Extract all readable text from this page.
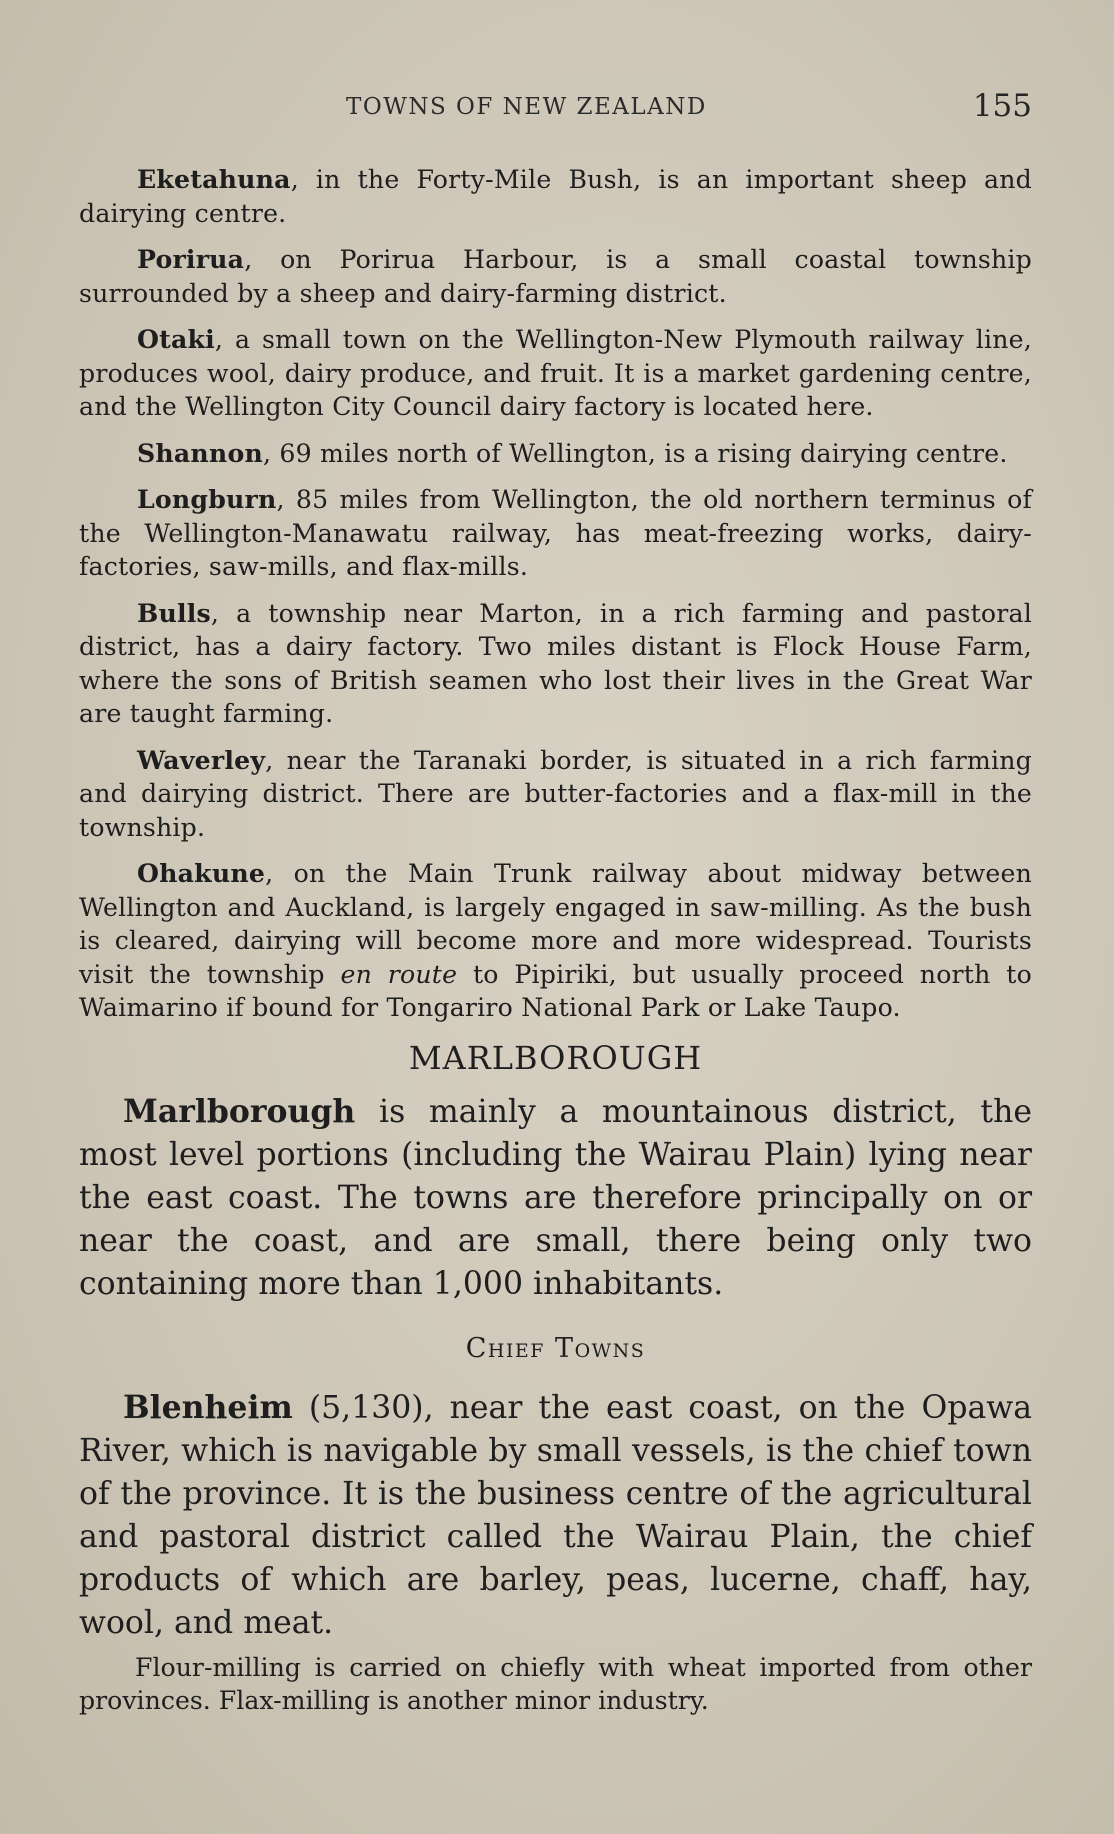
TOWNS OF NEW ZEALAND	155

Eketahuna, in the Forty-Mile Bush, is an important sheep and dairying centre.

Porirua, on Porirua Harbour, is a small coastal township surrounded by a sheep and dairy-farming district.

Otaki, a small town on the Wellington-New Plymouth railway line, produces wool, dairy produce, and fruit. It is a market gardening centre, and the Wellington City Council dairy factory is located here.

Shannon, 69 miles north of Wellington, is a rising dairying centre.

Longburn, 85 miles from Wellington, the old northern terminus of the Wellington-Manawatu railway, has meat-freezing works, dairy-factories, saw-mills, and flax-mills.

Bulls, a township near Marton, in a rich farming and pastoral district, has a dairy factory. Two miles distant is Flock House Farm, where the sons of British seamen who lost their lives in the Great War are taught farming.

Waverley, near the Taranaki border, is situated in a rich farming and dairying district. There are butter-factories and a flax-mill in the township.

Ohakune, on the Main Trunk railway about midway between Wellington and Auckland, is largely engaged in saw-milling. As the bush is cleared, dairying will become more and more widespread. Tourists visit the township en route to Pipiriki, but usually proceed north to Waimarino if bound for Tongariro National Park or Lake Taupo.

MARLBOROUGH

Marlborough is mainly a mountainous district, the most level portions (including the Wairau Plain) lying near the east coast. The towns are therefore principally on or near the coast, and are small, there being only two containing more than 1,000 inhabitants.

Chief Towns

Blenheim (5,130), near the east coast, on the Opawa River, which is navigable by small vessels, is the chief town of the province. It is the business centre of the agricultural and pastoral district called the Wairau Plain, the chief products of which are barley, peas, lucerne, chaff, hay, wool, and meat.

Flour-milling is carried on chiefly with wheat imported from other provinces. Flax-milling is another minor industry.
